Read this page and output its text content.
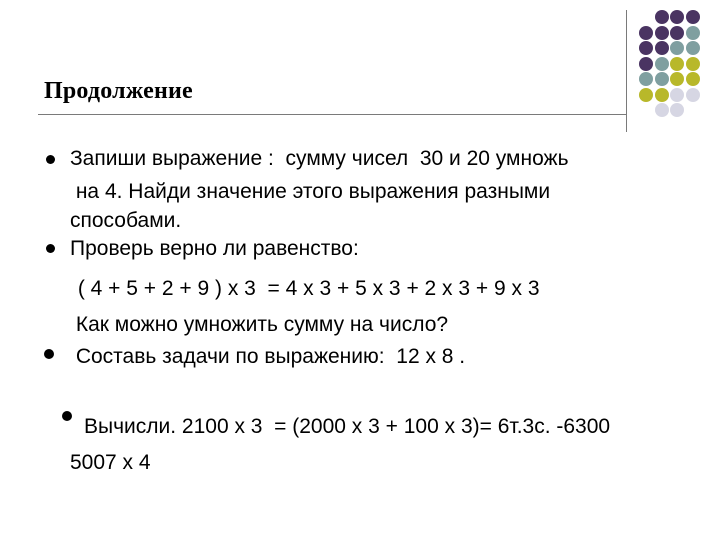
Продолжение
Запиши выражение :  сумму чисел  30 и 20 умножь
на 4. Найди значение этого выражения разными
способами.
Проверь верно ли равенство:
( 4 + 5 + 2 + 9 ) х 3  = 4 х 3 + 5 х 3 + 2 х 3 + 9 х 3
Как можно умножить сумму на число?
Составь задачи по выражению:  12 х 8 .
Вычисли. 2100 х 3  = (2000 х 3 + 100 х 3)= 6т.3с. -6300
5007 х 4
